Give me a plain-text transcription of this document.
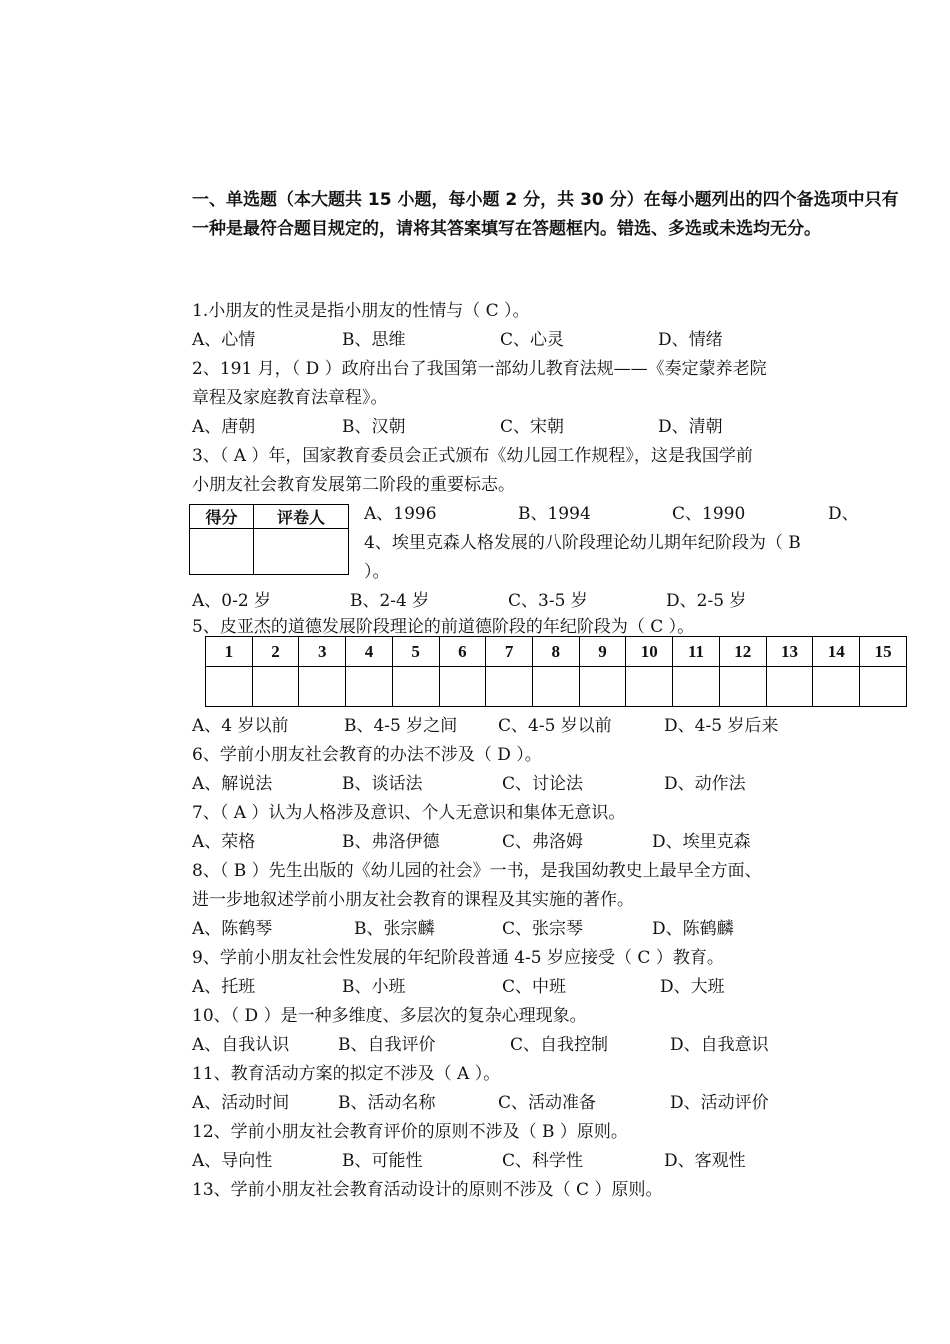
一、单选题（本大题共 15 小题，每小题 2 分，共 30 分）在每小题列出的四个备选项中只有一种是最符合题目规定的，请将其答案填写在答题框内。错选、多选或未选均无分。
1.小朋友的性灵是指小朋友的性情与（ C ）。
A、心情	B、思维	C、心灵	D、情绪
2、191 月，（ D ）政府出台了我国第一部幼儿教育法规——《奏定蒙养老院
章程及家庭教育法章程》。
A、唐朝	B、汉朝	C、宋朝	D、清朝
3、（ A ）年，国家教育委员会正式颁布《幼儿园工作规程》，这是我国学前
小朋友社会教育发展第二阶段的重要标志。
得分	评卷人
	A、1996	B、1994	C、1990	D、
4、埃里克森人格发展的八阶段理论幼儿期年纪阶段为（ B
）。
A、0-2 岁	B、2-4 岁	C、3-5 岁	D、2-5 岁
5、皮亚杰的道德发展阶段理论的前道德阶段的年纪阶段为（ C ）。
1	2	3	4	5	6	7	8	9	10	11	12	13	14	15

A、4 岁以前	B、4-5 岁之间 C、4-5 岁以前	D、4-5 岁后来
6、学前小朋友社会教育的办法不涉及（ D ）。
A、解说法	B、谈话法	C、讨论法	D、动作法
7、（ A ）认为人格涉及意识、个人无意识和集体无意识。
A、荣格	B、弗洛伊德	C、弗洛姆	D、埃里克森
8、（ B ）先生出版的《幼儿园的社会》一书，是我国幼教史上最早全方面、
进一步地叙述学前小朋友社会教育的课程及其实施的著作。
A、陈鹤琴	B、张宗麟	C、张宗琴	D、陈鹤麟
9、学前小朋友社会性发展的年纪阶段普通 4-5 岁应接受（ C ）教育。
A、托班	B、小班	C、中班	D、大班
10、（ D ）是一种多维度、多层次的复杂心理现象。
A、自我认识	B、自我评价	C、自我控制	D、自我意识
11、教育活动方案的拟定不涉及（ A ）。
A、活动时间	B、活动名称	C、活动准备	D、活动评价
12、学前小朋友社会教育评价的原则不涉及（ B ）原则。
A、导向性	B、可能性	C、科学性	D、客观性
13、学前小朋友社会教育活动设计的原则不涉及（ C ）原则。
